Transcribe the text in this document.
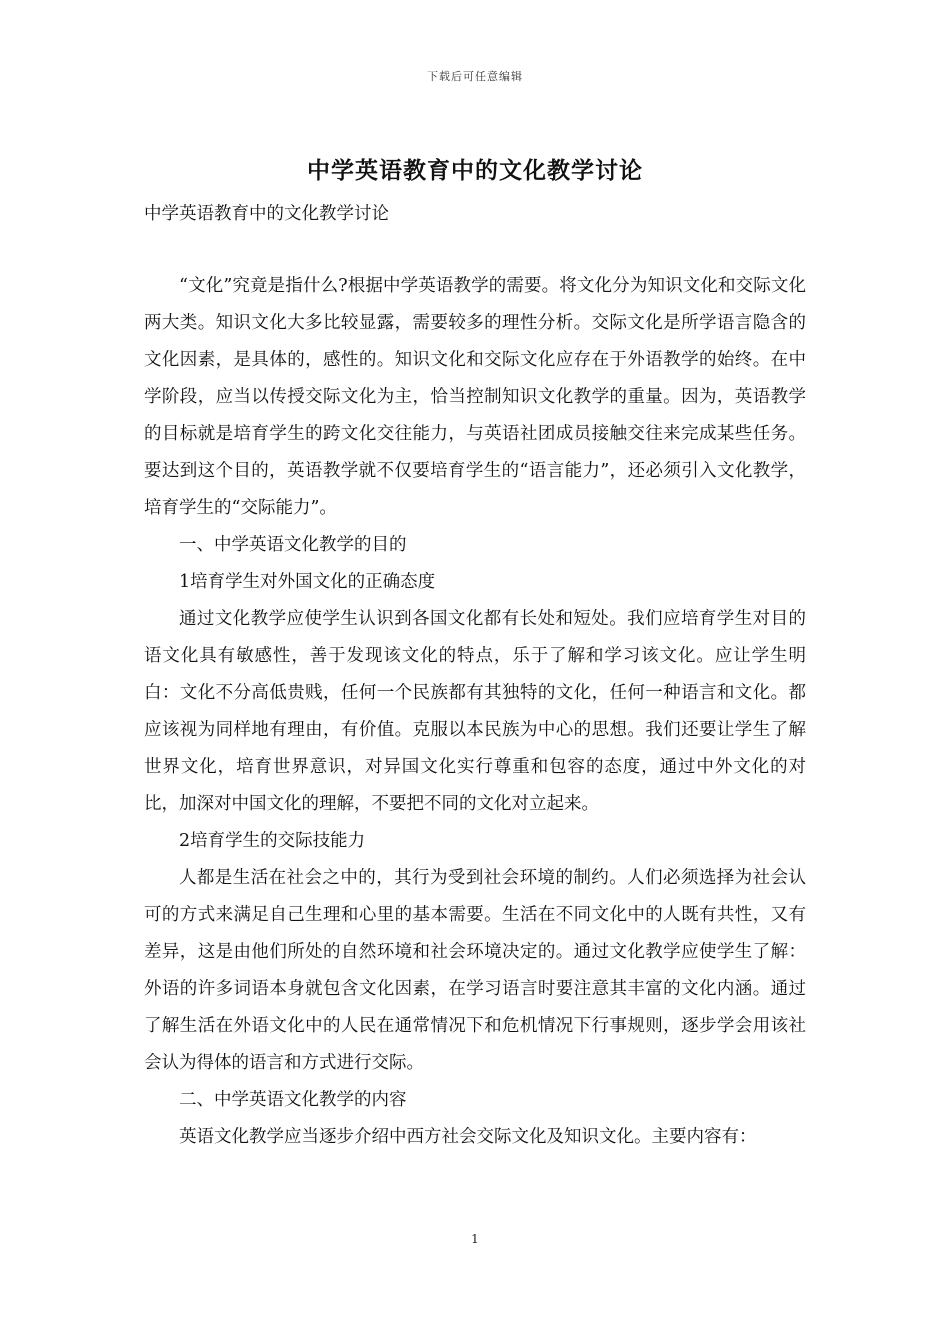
下载后可任意编辑
中学英语教育中的文化教学讨论

中学英语教育中的文化教学讨论

“文化”究竟是指什么?根据中学英语教学的需要。将文化分为知识文化和交际文化两大类。知识文化大多比较显露，需要较多的理性分析。交际文化是所学语言隐含的文化因素，是具体的，感性的。知识文化和交际文化应存在于外语教学的始终。在中学阶段，应当以传授交际文化为主，恰当控制知识文化教学的重量。因为，英语教学的目标就是培育学生的跨文化交往能力，与英语社团成员接触交往来完成某些任务。要达到这个目的，英语教学就不仅要培育学生的“语言能力”，还必须引入文化教学，培育学生的“交际能力”。

一、中学英语文化教学的目的

1培育学生对外国文化的正确态度

通过文化教学应使学生认识到各国文化都有长处和短处。我们应培育学生对目的语文化具有敏感性，善于发现该文化的特点，乐于了解和学习该文化。应让学生明白：文化不分高低贵贱，任何一个民族都有其独特的文化，任何一种语言和文化。都应该视为同样地有理由，有价值。克服以本民族为中心的思想。我们还要让学生了解世界文化，培育世界意识，对异国文化实行尊重和包容的态度，通过中外文化的对比，加深对中国文化的理解，不要把不同的文化对立起来。

2培育学生的交际技能力

人都是生活在社会之中的，其行为受到社会环境的制约。人们必须选择为社会认可的方式来满足自己生理和心里的基本需要。生活在不同文化中的人既有共性，又有差异，这是由他们所处的自然环境和社会环境决定的。通过文化教学应使学生了解：外语的许多词语本身就包含文化因素，在学习语言时要注意其丰富的文化内涵。通过了解生活在外语文化中的人民在通常情况下和危机情况下行事规则，逐步学会用该社会认为得体的语言和方式进行交际。

二、中学英语文化教学的内容

英语文化教学应当逐步介绍中西方社会交际文化及知识文化。主要内容有：

1
